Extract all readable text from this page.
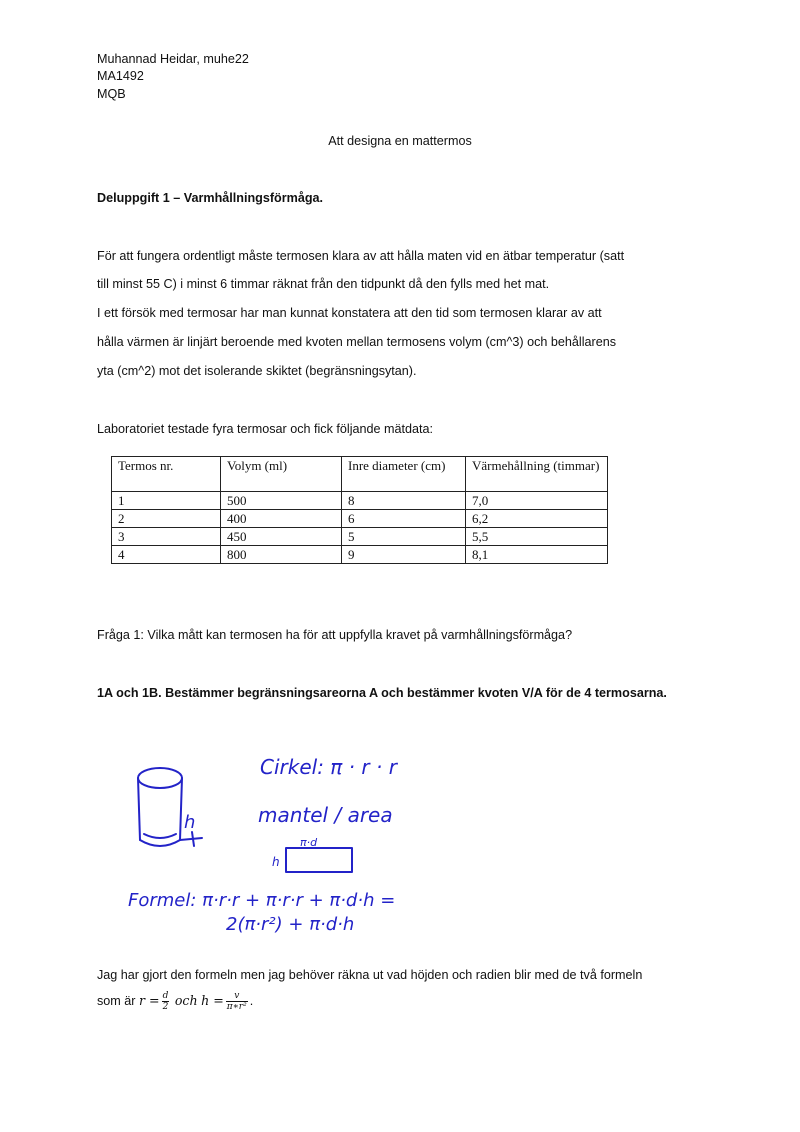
Muhannad Heidar, muhe22
MA1492
MQB
Att designa en mattermos
Deluppgift 1 – Varmhållningsförmåga.
För att fungera ordentligt måste termosen klara av att hålla maten vid en ätbar temperatur (satt
till minst 55 C) i minst 6 timmar räknat från den tidpunkt då den fylls med het mat.
I ett försök med termosar har man kunnat konstatera att den tid som termosen klarar av att
hålla värmen är linjärt beroende med kvoten mellan termosens volym (cm^3) och behållarens
yta (cm^2) mot det isolerande skiktet (begränsningsytan).
Laboratoriet testade fyra termosar och fick följande mätdata:
Termos nr.	Volym (ml)	Inre diameter (cm)	Värmehållning (timmar)
1	500	8	7,0
2	400	6	6,2
3	450	5	5,5
4	800	9	8,1
Fråga 1: Vilka mått kan termosen ha för att uppfylla kravet på varmhållningsförmåga?
1A och 1B. Bestämmer begränsningsareorna A och bestämmer kvoten V/A för de 4 termosarna.
h
Cirkel: π · r · r
mantel / area
π·d
h
Formel: π·r·r + π·r·r + π·d·h =
2(π·r²) + π·d·h
Jag har gjort den formeln men jag behöver räkna ut vad höjden och radien blir med de två formeln
som är $r = \frac{d}{2}$ och $h = \frac{v}{\text{π∗r²}}$ .
